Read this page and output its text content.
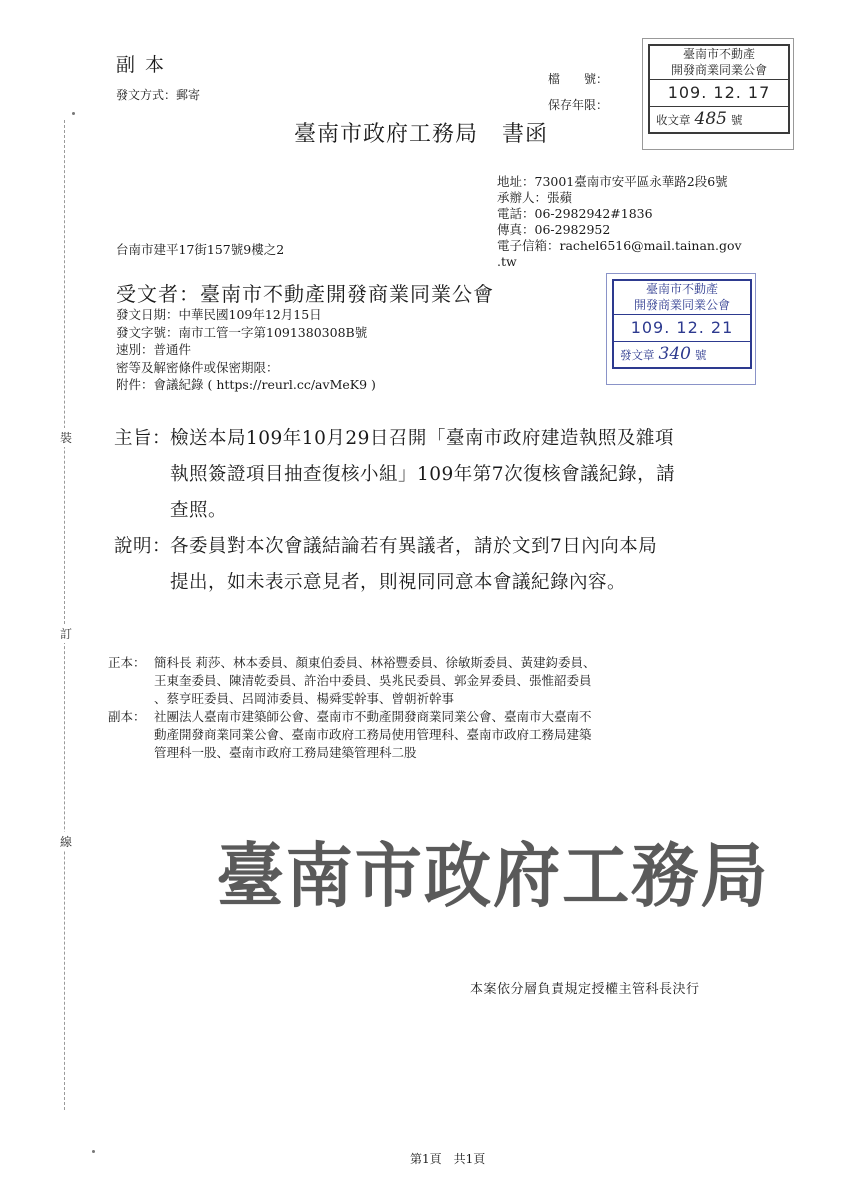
裝
訂
線
副本
發文方式：郵寄
檔　　號：
保存年限：
臺南市政府工務局 書函
臺南市不動產
開發商業同業公會
109. 12. 17
收文章 485 號
地址：73001臺南市安平區永華路2段6號
承辦人：張蘋
電話：06-2982942#1836
傳真：06-2982952
電子信箱：rachel6516@mail.tainan.gov
.tw
台南市建平17街157號9樓之2
受文者：臺南市不動產開發商業同業公會	臺南市不動產
開發商業同業公會
109. 12. 21
發文章 340 號
發文日期：中華民國109年12月15日
發文字號：南市工管一字第1091380308B號
速別：普通件
密等及解密條件或保密期限：
附件：會議紀錄 ( https://reurl.cc/avMeK9 )
主旨：
檢送本局109年10月29日召開「臺南市政府建造執照及雜項
執照簽證項目抽查復核小組」109年第7次復核會議紀錄，請
查照。
說明：
各委員對本次會議結論若有異議者，請於文到7日內向本局
提出，如未表示意見者，則視同同意本會議紀錄內容。
正本： 簡科長 莉莎、林本委員、顏東伯委員、林裕豐委員、徐敏斯委員、黃建鈞委員、
王東奎委員、陳清乾委員、許治中委員、吳兆民委員、郭金昇委員、張惟韶委員
、蔡亨旺委員、呂岡沛委員、楊舜雯幹事、曾朝祈幹事
副本： 社團法人臺南市建築師公會、臺南市不動產開發商業同業公會、臺南市大臺南不
動產開發商業同業公會、臺南市政府工務局使用管理科、臺南市政府工務局建築
管理科一股、臺南市政府工務局建築管理科二股
臺南市政府工務局
本案依分層負責規定授權主管科長決行
第1頁　共1頁
